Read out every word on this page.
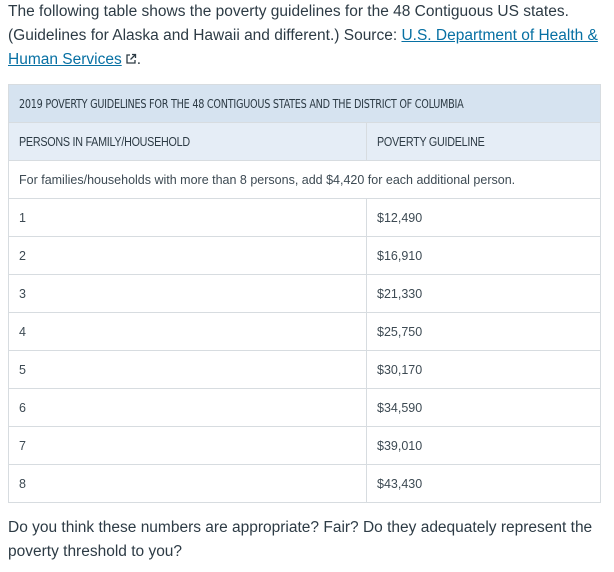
The following table shows the poverty guidelines for the 48 Contiguous US states. (Guidelines for Alaska and Hawaii and different.) Source: U.S. Department of Health & Human Services .
2019 POVERTY GUIDELINES FOR THE 48 CONTIGUOUS STATES AND THE DISTRICT OF COLUMBIA	
PERSONS IN FAMILY/HOUSEHOLD	POVERTY GUIDELINE
For families/households with more than 8 persons, add $4,420 for each additional person.	
1	$12,490
2	$16,910
3	$21,330
4	$25,750
5	$30,170
6	$34,590
7	$39,010
8	$43,430
Do you think these numbers are appropriate? Fair? Do they adequately represent the poverty threshold to you?
